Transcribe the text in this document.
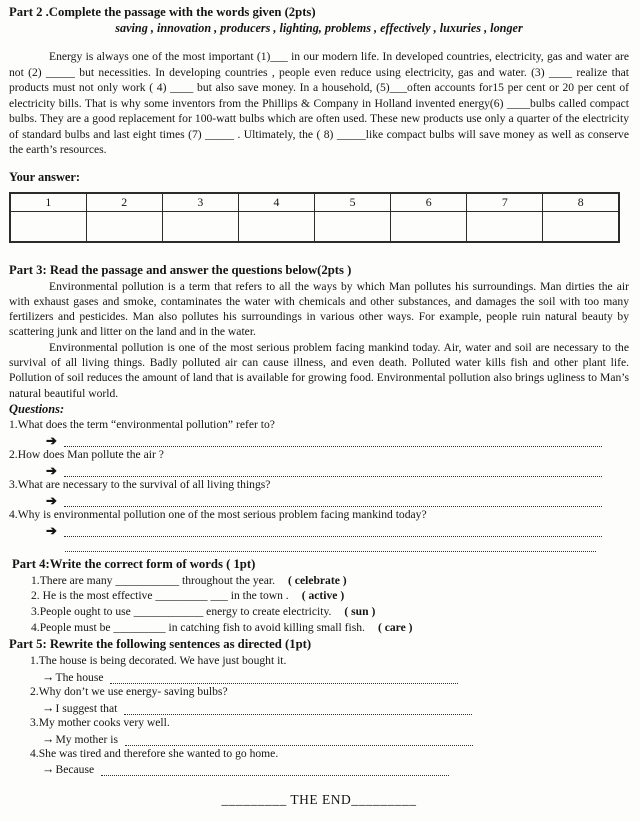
Part 2 .Complete the passage with the words given (2pts)
saving , innovation , producers , lighting, problems , effectively , luxuries , longer

Energy is always one of the most important (1)___ in our modern life. In developed countries, electricity, gas and water are not (2) _____ but necessities. In developing countries , people even reduce using electricity, gas and water. (3) ____ realize that products must not only work ( 4) ____ but also save money. In a household, (5)___often accounts for15 per cent or 20 per cent of electricity bills. That is why some inventors from the Phillips & Company in Holland invented energy(6) ____bulbs called compact bulbs. They are a good replacement for 100-watt bulbs which are often used. These new products use only a quarter of the electricity of standard bulbs and last eight times (7) _____ . Ultimately, the ( 8) _____like compact bulbs will save money as well as conserve the earth’s resources.

Your answer:
1	2	3	4	5	6	7	8

Part 3: Read the passage and answer the questions below(2pts )

Environmental pollution is a term that refers to all the ways by which Man pollutes his surroundings. Man dirties the air with exhaust gases and smoke, contaminates the water with chemicals and other substances, and damages the soil with too many fertilizers and pesticides. Man also pollutes his surroundings in various other ways. For example, people ruin natural beauty by scattering junk and litter on the land and in the water.

Environmental pollution is one of the most serious problem facing mankind today. Air, water and soil are necessary to the survival of all living things. Badly polluted air can cause illness, and even death. Polluted water kills fish and other plant life. Pollution of soil reduces the amount of land that is available for growing food. Environmental pollution also brings ugliness to Man’s natural beautiful world.

Questions:
1.What does the term “environmental pollution” refer to?
➔
2.How does Man pollute the air ?
➔
3.What are necessary to the survival of all living things?
➔
4.Why is environmental pollution one of the most serious problem facing mankind today?
➔
Part 4:Write the correct form of words ( 1pt)
1.There are many ___________ throughout the year. ( celebrate )
2. He is the most effective _________ ___ in the town . ( active )
3.People ought to use ____________ energy to create electricity. ( sun )
4.People must be _________ in catching fish to avoid killing small fish. ( care )
Part 5: Rewrite the following sentences as directed (1pt)
1.The house is being decorated. We have just bought it.
→ The house
2.Why don’t we use energy- saving bulbs?
→ I suggest that
3.My mother cooks very well.
→ My mother is
4.She was tired and therefore she wanted to go home.
→ Because
_________ THE END_________
